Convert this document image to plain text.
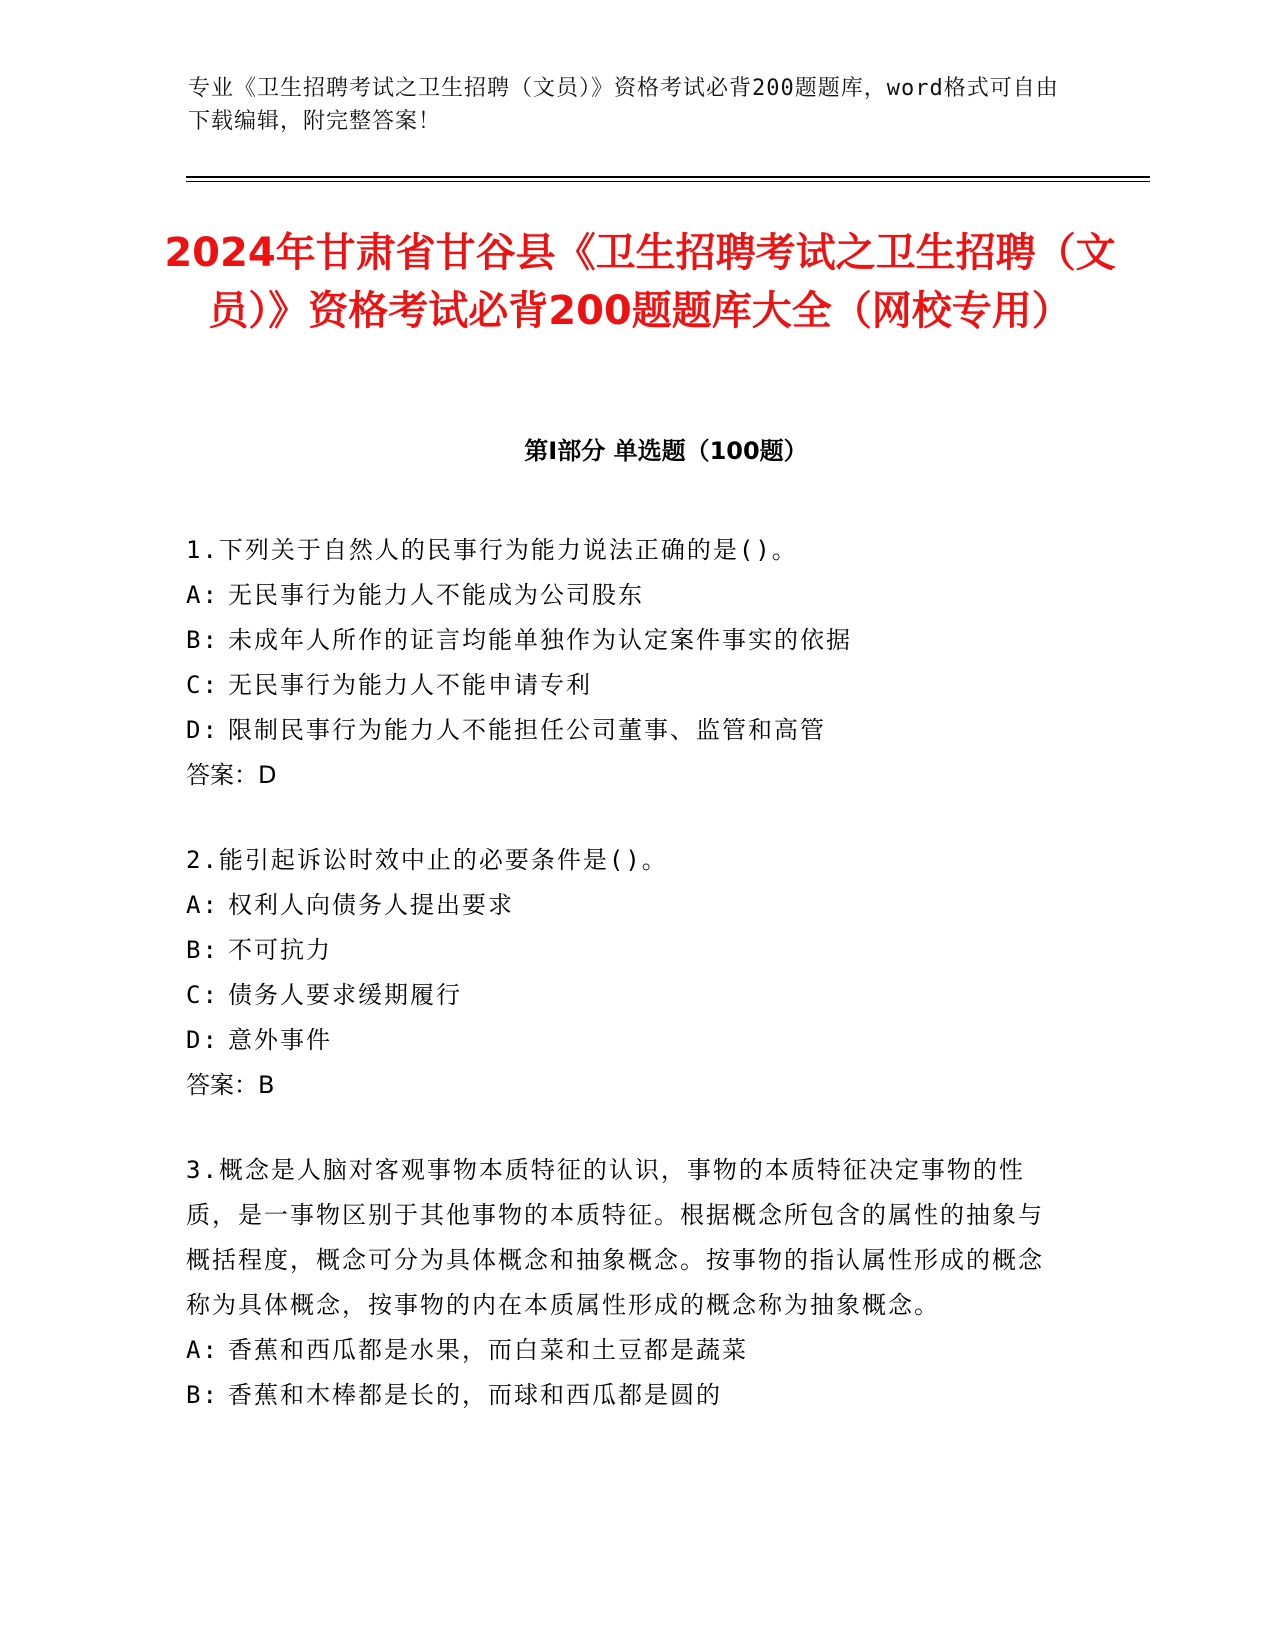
专业《卫生招聘考试之卫生招聘（文员）》资格考试必背200题题库，word格式可自由下载编辑，附完整答案！
2024年甘肃省甘谷县《卫生招聘考试之卫生招聘（文员）》资格考试必背200题题库大全（网校专用）
第Ⅰ部分 单选题（100题）
1.下列关于自然人的民事行为能力说法正确的是()。
A: 无民事行为能力人不能成为公司股东
B: 未成年人所作的证言均能单独作为认定案件事实的依据
C: 无民事行为能力人不能申请专利
D: 限制民事行为能力人不能担任公司董事、监管和高管
答案：D
2.能引起诉讼时效中止的必要条件是()。
A: 权利人向债务人提出要求
B: 不可抗力
C: 债务人要求缓期履行
D: 意外事件
答案：B
3.概念是人脑对客观事物本质特征的认识，事物的本质特征决定事物的性质，是一事物区别于其他事物的本质特征。根据概念所包含的属性的抽象与概括程度，概念可分为具体概念和抽象概念。按事物的指认属性形成的概念称为具体概念，按事物的内在本质属性形成的概念称为抽象概念。
A: 香蕉和西瓜都是水果，而白菜和土豆都是蔬菜
B: 香蕉和木棒都是长的，而球和西瓜都是圆的
